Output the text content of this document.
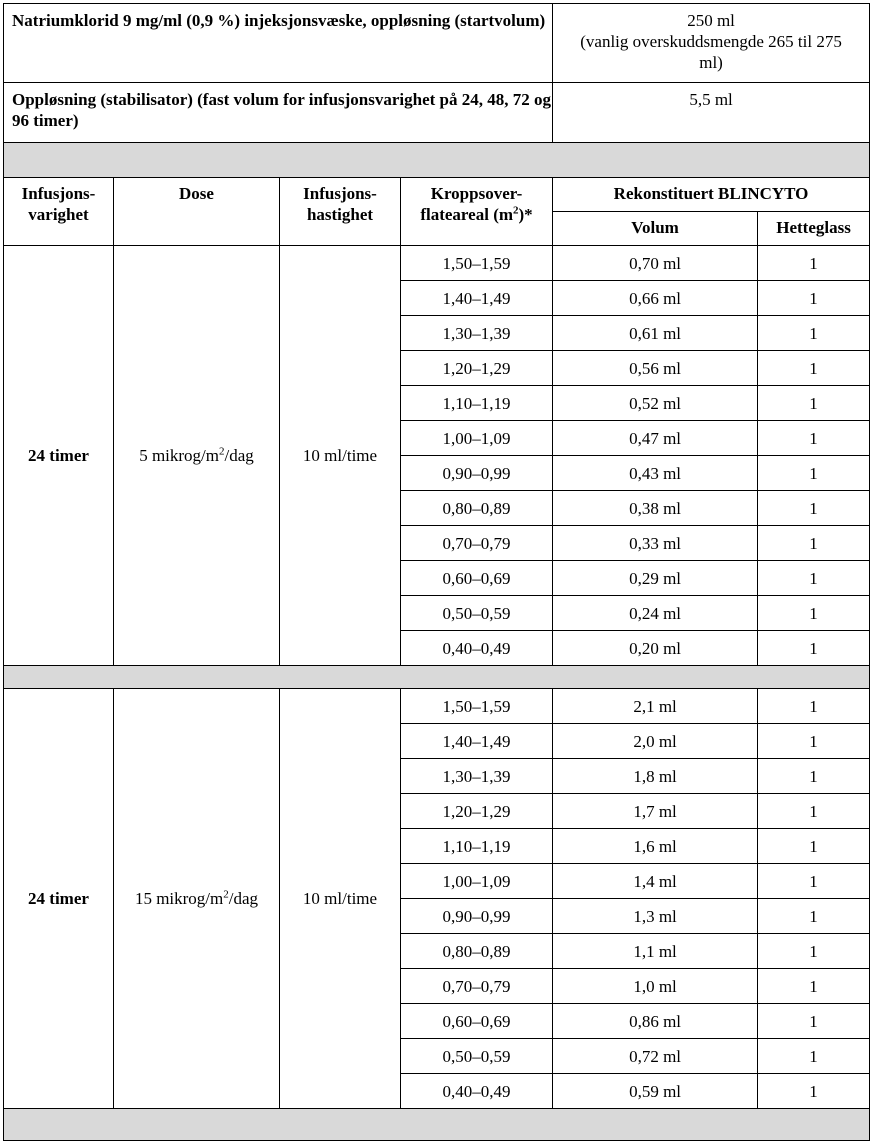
Natriumklorid 9 mg/ml (0,9 %) injeksjonsvæske, oppløsning (startvolum)				250 ml
(vanlig overskuddsmengde 265 til 275 ml)	

Oppløsning (stabilisator) (fast volum for infusjonsvarighet på 24, 48, 72 og 96 timer)				5,5 ml	

Infusjons-varighet	Dose	Infusjons-hastighet	Kroppsover-flateareal $(m^2)*$	Rekonstituert BLINCYTO	
				Volum	Hetteglass
24 timer	5 mikrog/$m^2$/dag	10 ml/time	1,50–1,59	0,70 ml	1
			1,40–1,49	0,66 ml	1
			1,30–1,39	0,61 ml	1
			1,20–1,29	0,56 ml	1
			1,10–1,19	0,52 ml	1
			1,00–1,09	0,47 ml	1
			0,90–0,99	0,43 ml	1
			0,80–0,89	0,38 ml	1
			0,70–0,79	0,33 ml	1
			0,60–0,69	0,29 ml	1
			0,50–0,59	0,24 ml	1
			0,40–0,49	0,20 ml	1

24 timer	15 mikrog/$m^2$/dag	10 ml/time	1,50–1,59	2,1 ml	1
			1,40–1,49	2,0 ml	1
			1,30–1,39	1,8 ml	1
			1,20–1,29	1,7 ml	1
			1,10–1,19	1,6 ml	1
			1,00–1,09	1,4 ml	1
			0,90–0,99	1,3 ml	1
			0,80–0,89	1,1 ml	1
			0,70–0,79	1,0 ml	1
			0,60–0,69	0,86 ml	1
			0,50–0,59	0,72 ml	1
			0,40–0,49	0,59 ml	1
